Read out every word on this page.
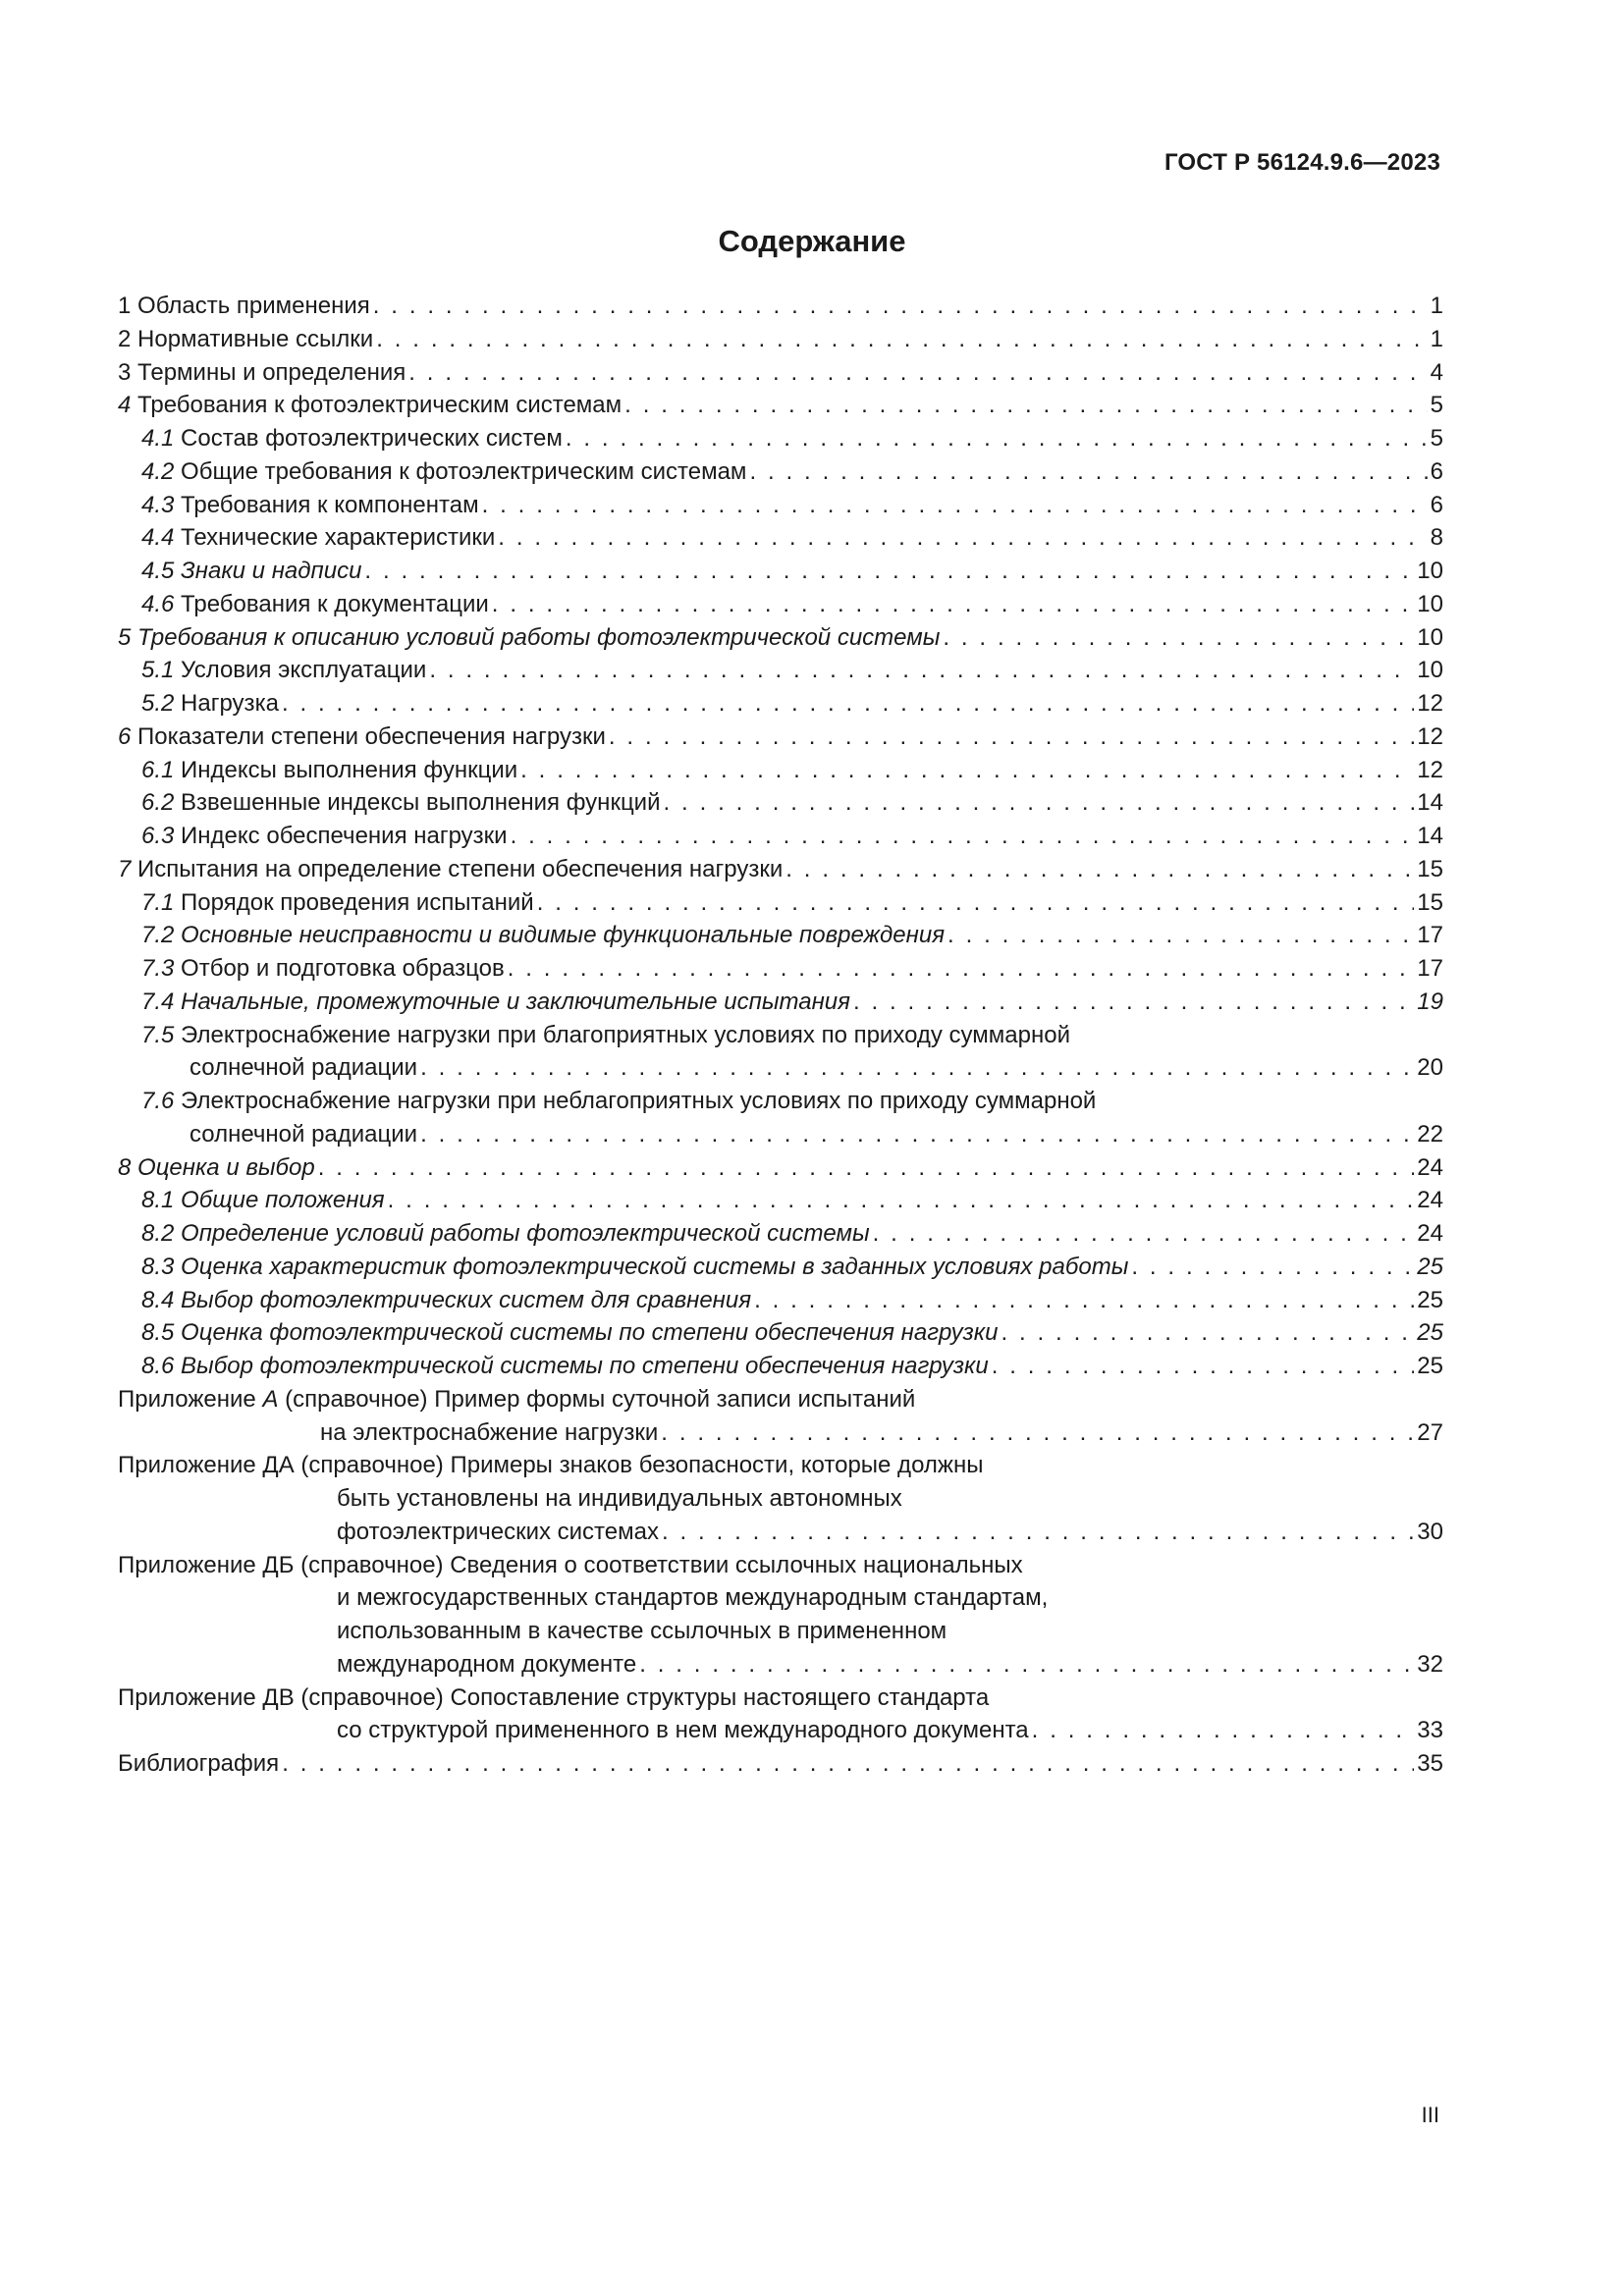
ГОСТ Р 56124.9.6—2023
Содержание
1 Область применения . . .	1
2 Нормативные ссылки . . .	1
3 Термины и определения . . .	4
4 Требования к фотоэлектрическим системам . . .	5
4.1 Состав фотоэлектрических систем . . .	5
4.2 Общие требования к фотоэлектрическим системам . . .	6
4.3 Требования к компонентам . . .	6
4.4 Технические характеристики . . .	8
4.5 Знаки и надписи . . .	10
4.6 Требования к документации . . .	10
5 Требования к описанию условий работы фотоэлектрической системы . . .	10
5.1 Условия эксплуатации . . .	10
5.2 Нагрузка . . .	12
6 Показатели степени обеспечения нагрузки . . .	12
6.1 Индексы выполнения функции . . .	12
6.2 Взвешенные индексы выполнения функций . . .	14
6.3 Индекс обеспечения нагрузки . . .	14
7 Испытания на определение степени обеспечения нагрузки . . .	15
7.1 Порядок проведения испытаний . . .	15
7.2 Основные неисправности и видимые функциональные повреждения . . .	17
7.3 Отбор и подготовка образцов . . .	17
7.4 Начальные, промежуточные и заключительные испытания . . .	19
7.5 Электроснабжение нагрузки при благоприятных условиях по приходу суммарной
солнечной радиации . . .	20
7.6 Электроснабжение нагрузки при неблагоприятных условиях по приходу суммарной
солнечной радиации . . .	22
8 Оценка и выбор . . .	24
8.1 Общие положения . . .	24
8.2 Определение условий работы фотоэлектрической системы . . .	24
8.3 Оценка характеристик фотоэлектрической системы в заданных условиях работы . . .	25
8.4 Выбор фотоэлектрических систем для сравнения . . .	25
8.5 Оценка фотоэлектрической системы по степени обеспечения нагрузки . . .	25
8.6 Выбор фотоэлектрической системы по степени обеспечения нагрузки . . .	25
Приложение А (справочное) Пример формы суточной записи испытаний
на электроснабжение нагрузки . . .	27
Приложение ДА (справочное) Примеры знаков безопасности, которые должны
быть установлены на индивидуальных автономных
фотоэлектрических системах . . .	30
Приложение ДБ (справочное) Сведения о соответствии ссылочных национальных
и межгосударственных стандартов международным стандартам,
использованным в качестве ссылочных в примененном
международном документе . . .	32
Приложение ДВ (справочное) Сопоставление структуры настоящего стандарта
со структурой примененного в нем международного документа . . .	33
Библиография . . .	35
III
